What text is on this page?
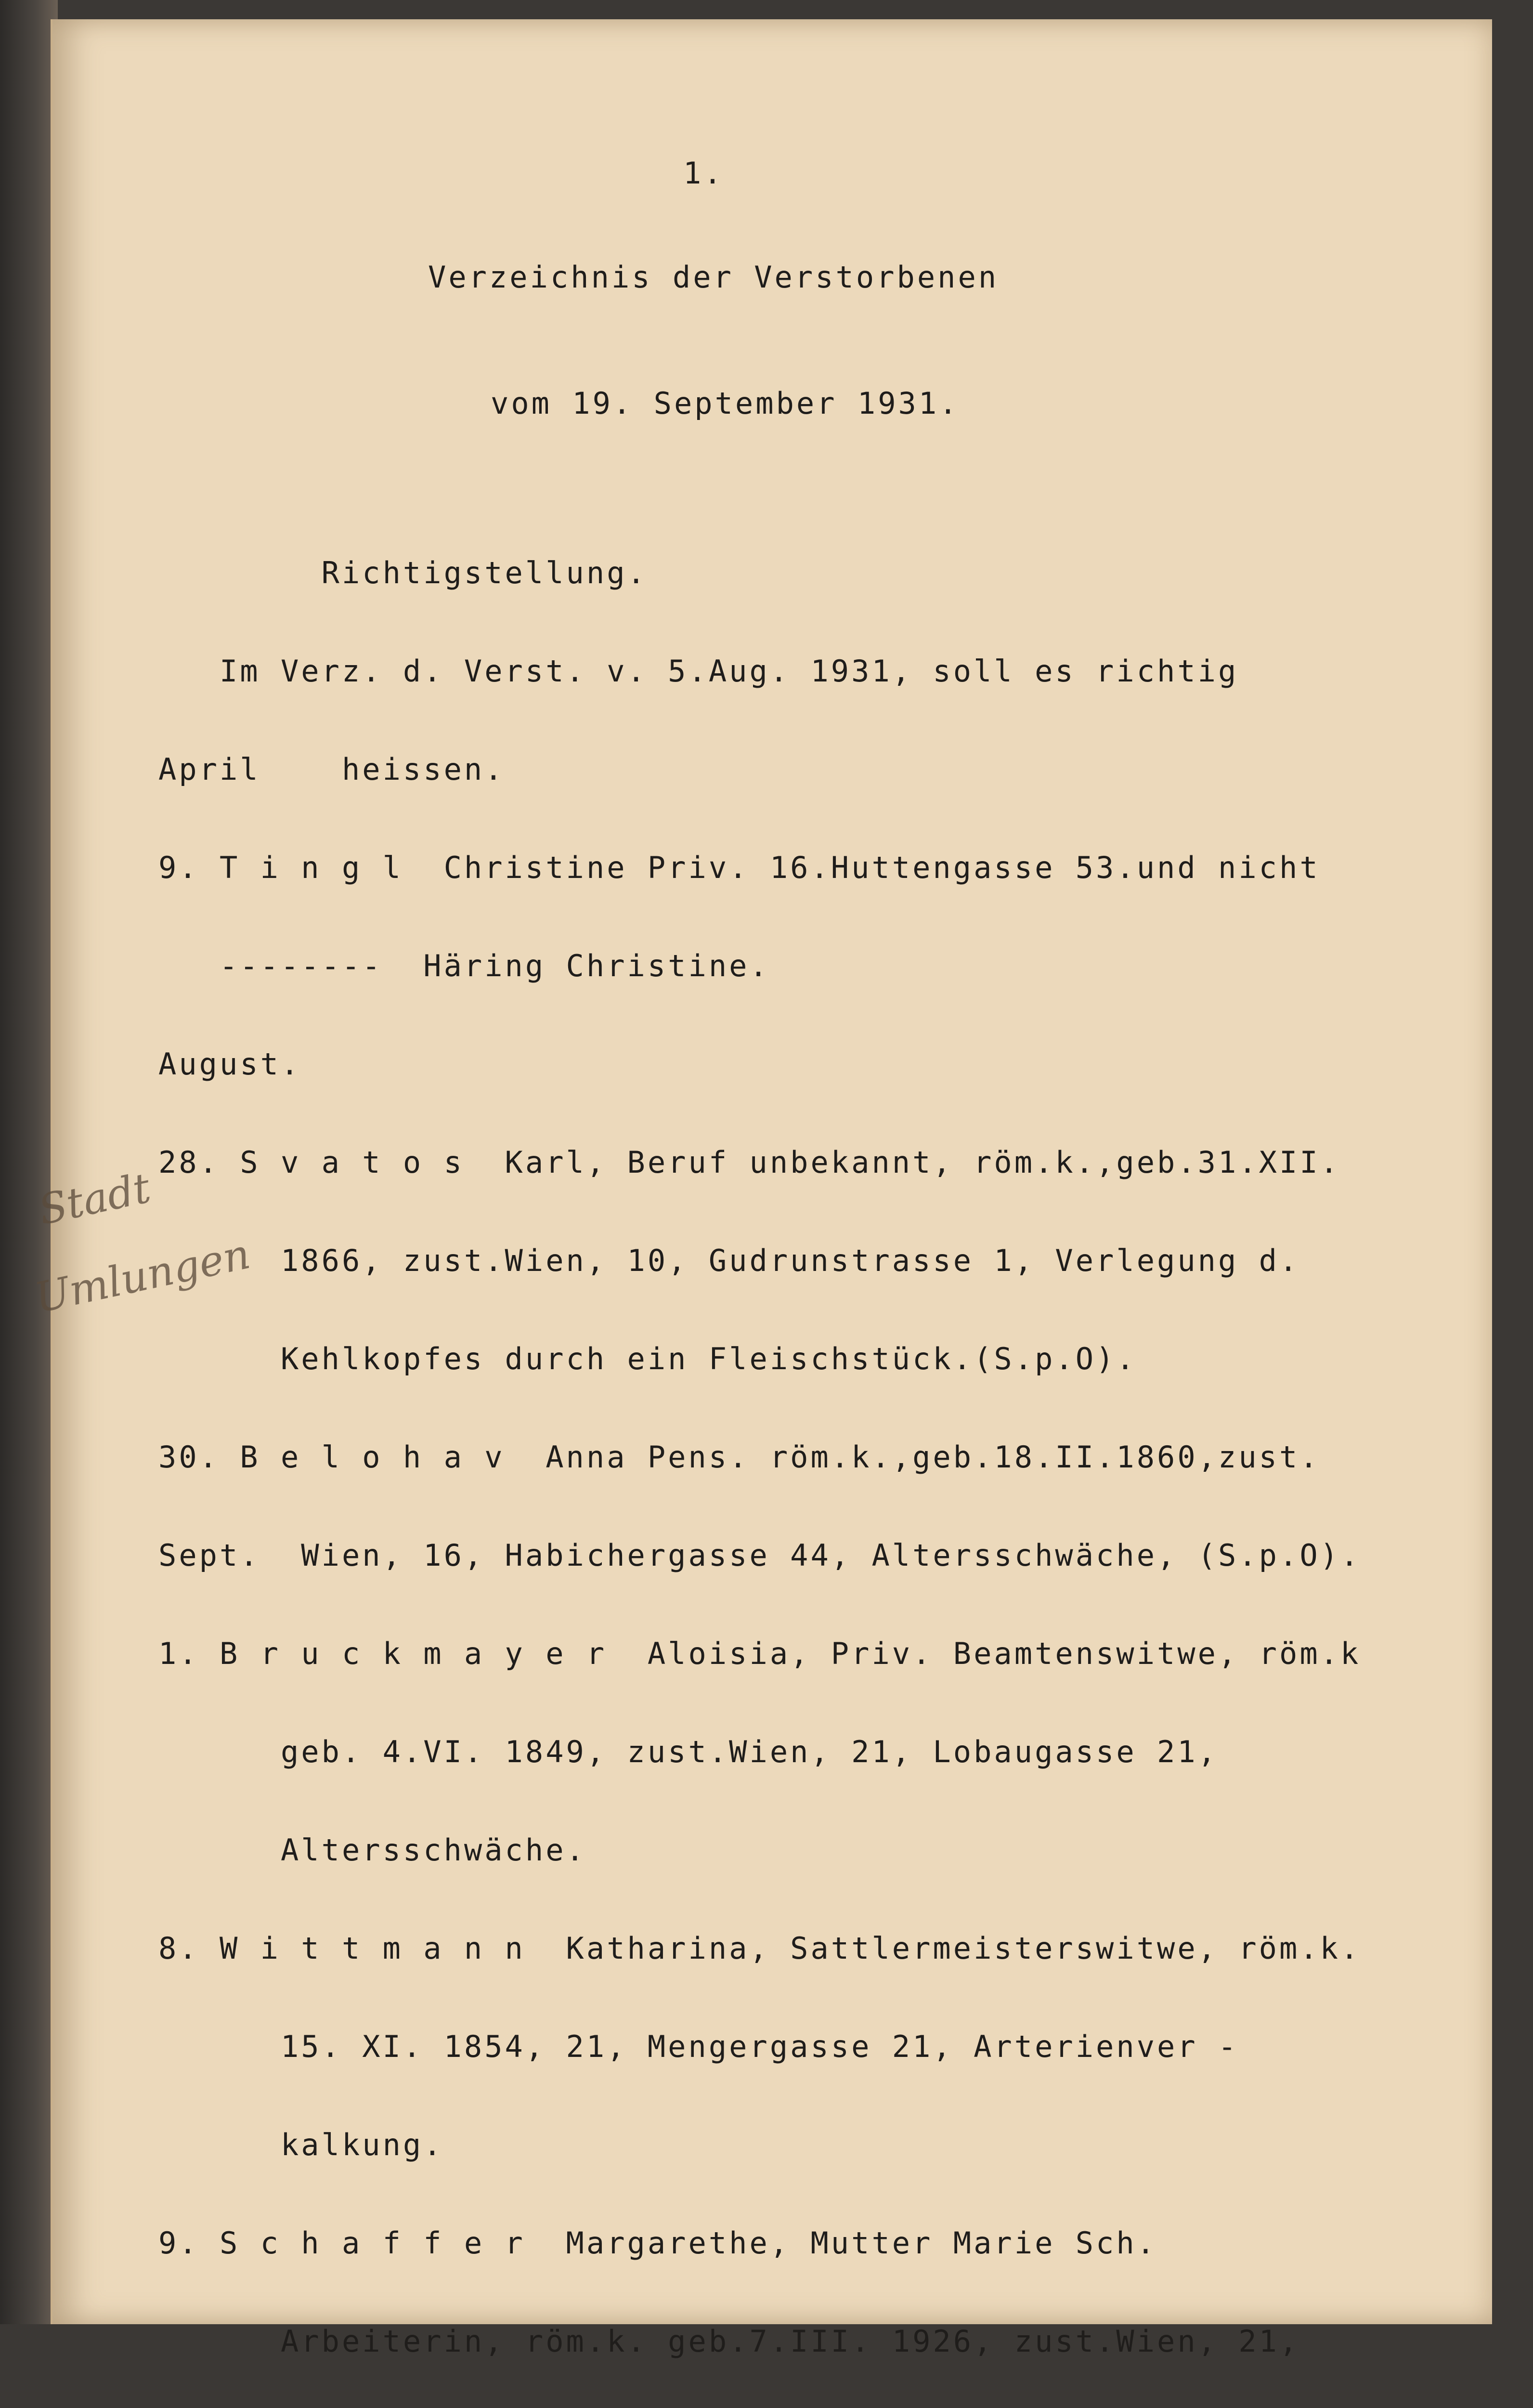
1.

Verzeichnis der Verstorbenen

vom 19. September 1931.

Richtigstellung.

Im Verz. d. Verst. v. 5.Aug. 1931, soll es richtig

April    heissen.

9. T i n g l  Christine Priv. 16.Huttengasse 53.und nicht

--------  Häring Christine.

August.

28. S v a t o s  Karl, Beruf unbekannt, röm.k.,geb.31.XII.

1866, zust.Wien, 10, Gudrunstrasse 1, Verlegung d.

Kehlkopfes durch ein Fleischstück.(S.p.O).

30. B e l o h a v  Anna Pens. röm.k.,geb.18.II.1860,zust.

Sept.  Wien, 16, Habichergasse 44, Altersschwäche, (S.p.O).

1. B r u c k m a y e r  Aloisia, Priv. Beamtenswitwe, röm.k

geb. 4.VI. 1849, zust.Wien, 21, Lobaugasse 21,

Altersschwäche.

8. W i t t m a n n  Katharina, Sattlermeisterswitwe, röm.k.

15. XI. 1854, 21, Mengergasse 21, Arterienver -

kalkung.

9. S c h a f f e r  Margarethe, Mutter Marie Sch.

Arbeiterin, röm.k. geb.7.III. 1926, zust.Wien, 21,

Stadt
Umlungen
